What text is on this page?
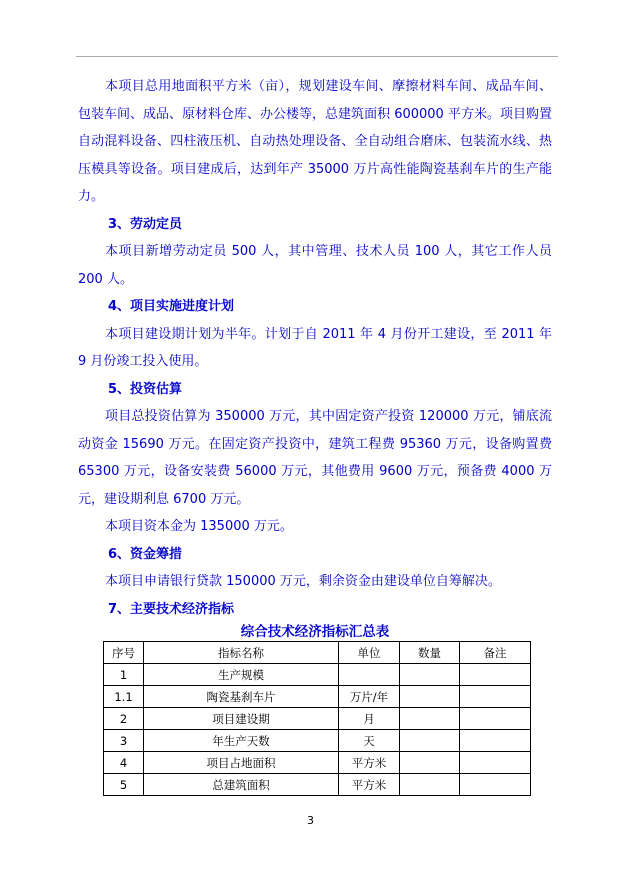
本项目总用地面积平方米（亩），规划建设车间、摩擦材料车间、成品车间、包装车间、成品、原材料仓库、办公楼等，总建筑面积 600000 平方米。项目购置自动混料设备、四柱液压机、自动热处理设备、全自动组合磨床、包装流水线、热压模具等设备。项目建成后，达到年产 35000 万片高性能陶瓷基刹车片的生产能力。

3、劳动定员

本项目新增劳动定员 500 人，其中管理、技术人员 100 人，其它工作人员 200 人。

4、项目实施进度计划

本项目建设期计划为半年。计划于自 2011 年 4 月份开工建设，至 2011 年 9 月份竣工投入使用。

5、投资估算

项目总投资估算为 350000 万元，其中固定资产投资 120000 万元，铺底流动资金 15690 万元。在固定资产投资中，建筑工程费 95360 万元，设备购置费 65300 万元，设备安装费 56000 万元，其他费用 9600 万元，预备费 4000 万元，建设期利息 6700 万元。

本项目资本金为 135000 万元。

6、资金筹措

本项目申请银行贷款 150000 万元，剩余资金由建设单位自筹解决。

7、主要技术经济指标

综合技术经济指标汇总表
序号	指标名称	单位	数量	备注
1	生产规模			
1.1	陶瓷基刹车片	万片/年		
2	项目建设期	月		
3	年生产天数	天		
4	项目占地面积	平方米		
5	总建筑面积	平方米		
3
